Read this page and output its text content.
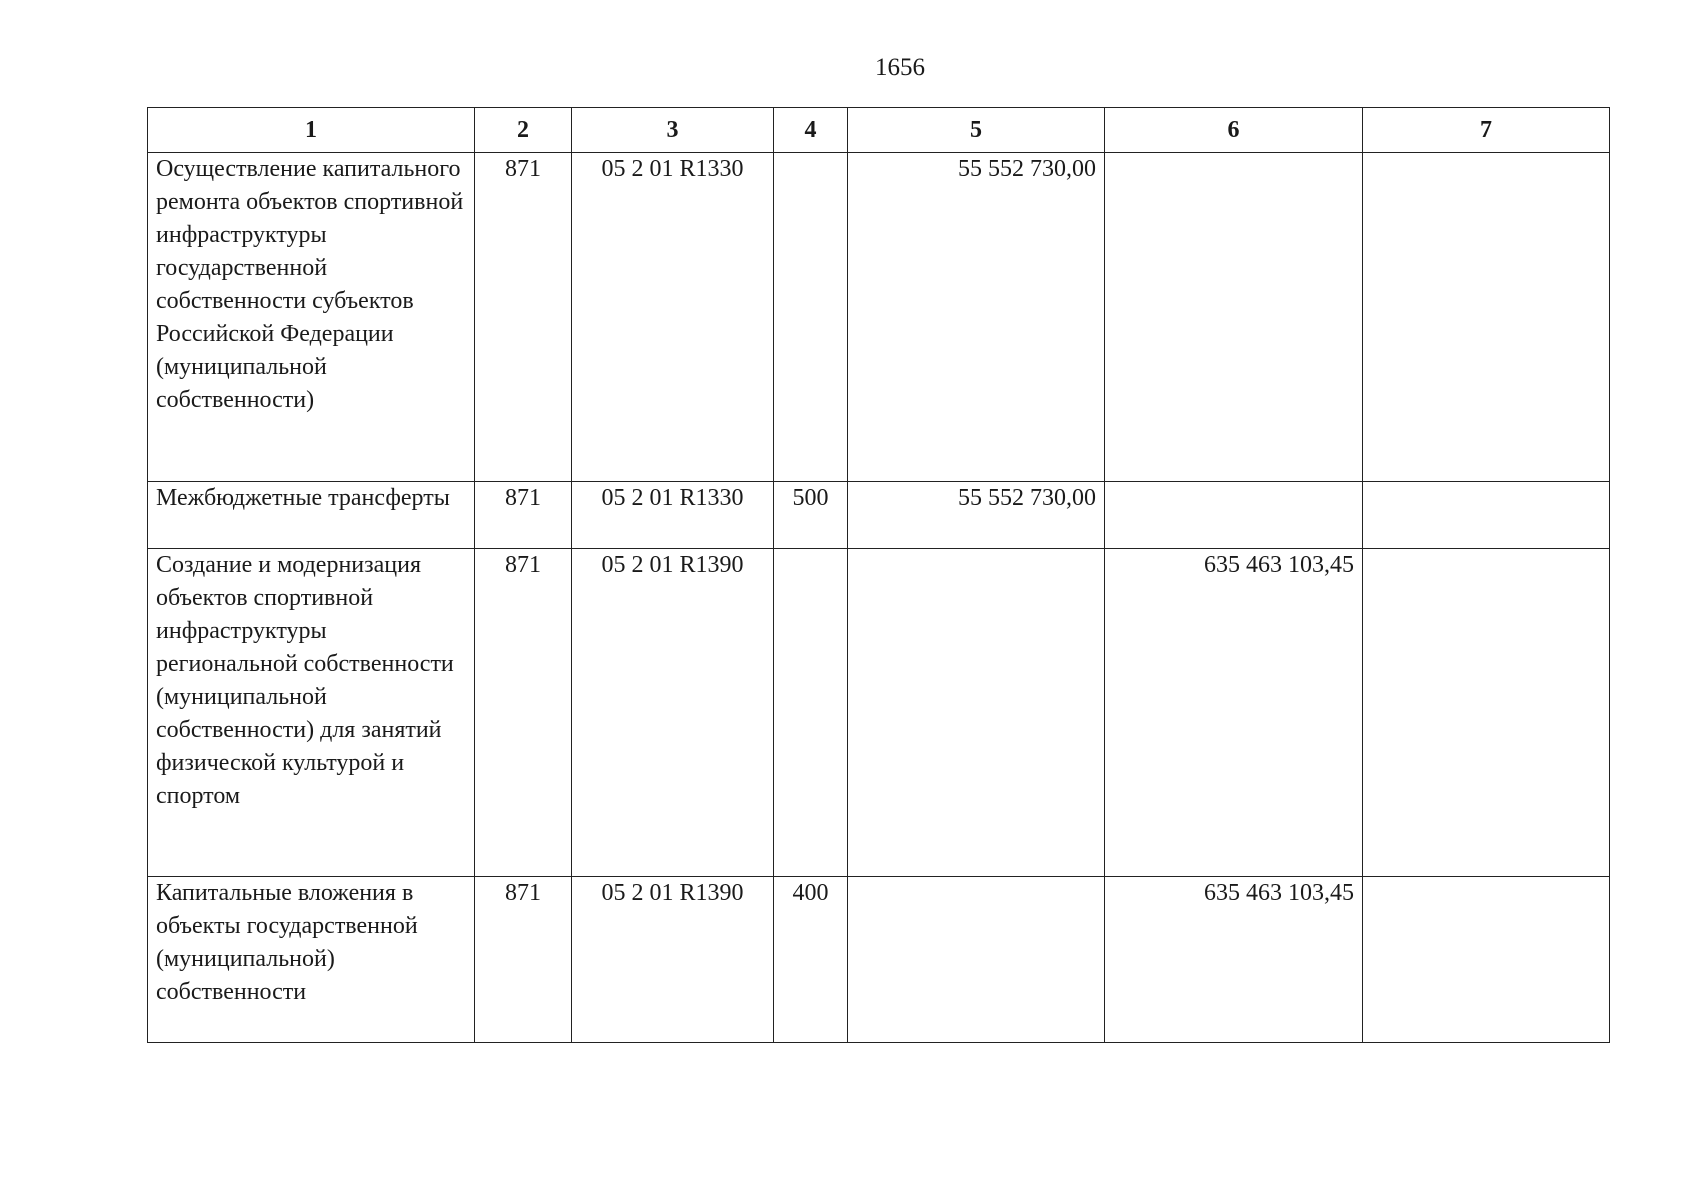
1656
1	2	3	4	5	6	7
Осуществление капитального ремонта объектов спортивной инфраструктуры государственной собственности субъектов Российской Федерации (муниципальной собственности)	871	05 2 01 R1330		55 552 730,00		
Межбюджетные трансферты	871	05 2 01 R1330	500	55 552 730,00		
Создание и модернизация объектов спортивной инфраструктуры региональной собственности (муниципальной собственности) для занятий физической культурой и спортом	871	05 2 01 R1390			635 463 103,45	
Капитальные вложения в объекты государственной (муниципальной) собственности	871	05 2 01 R1390	400		635 463 103,45	
